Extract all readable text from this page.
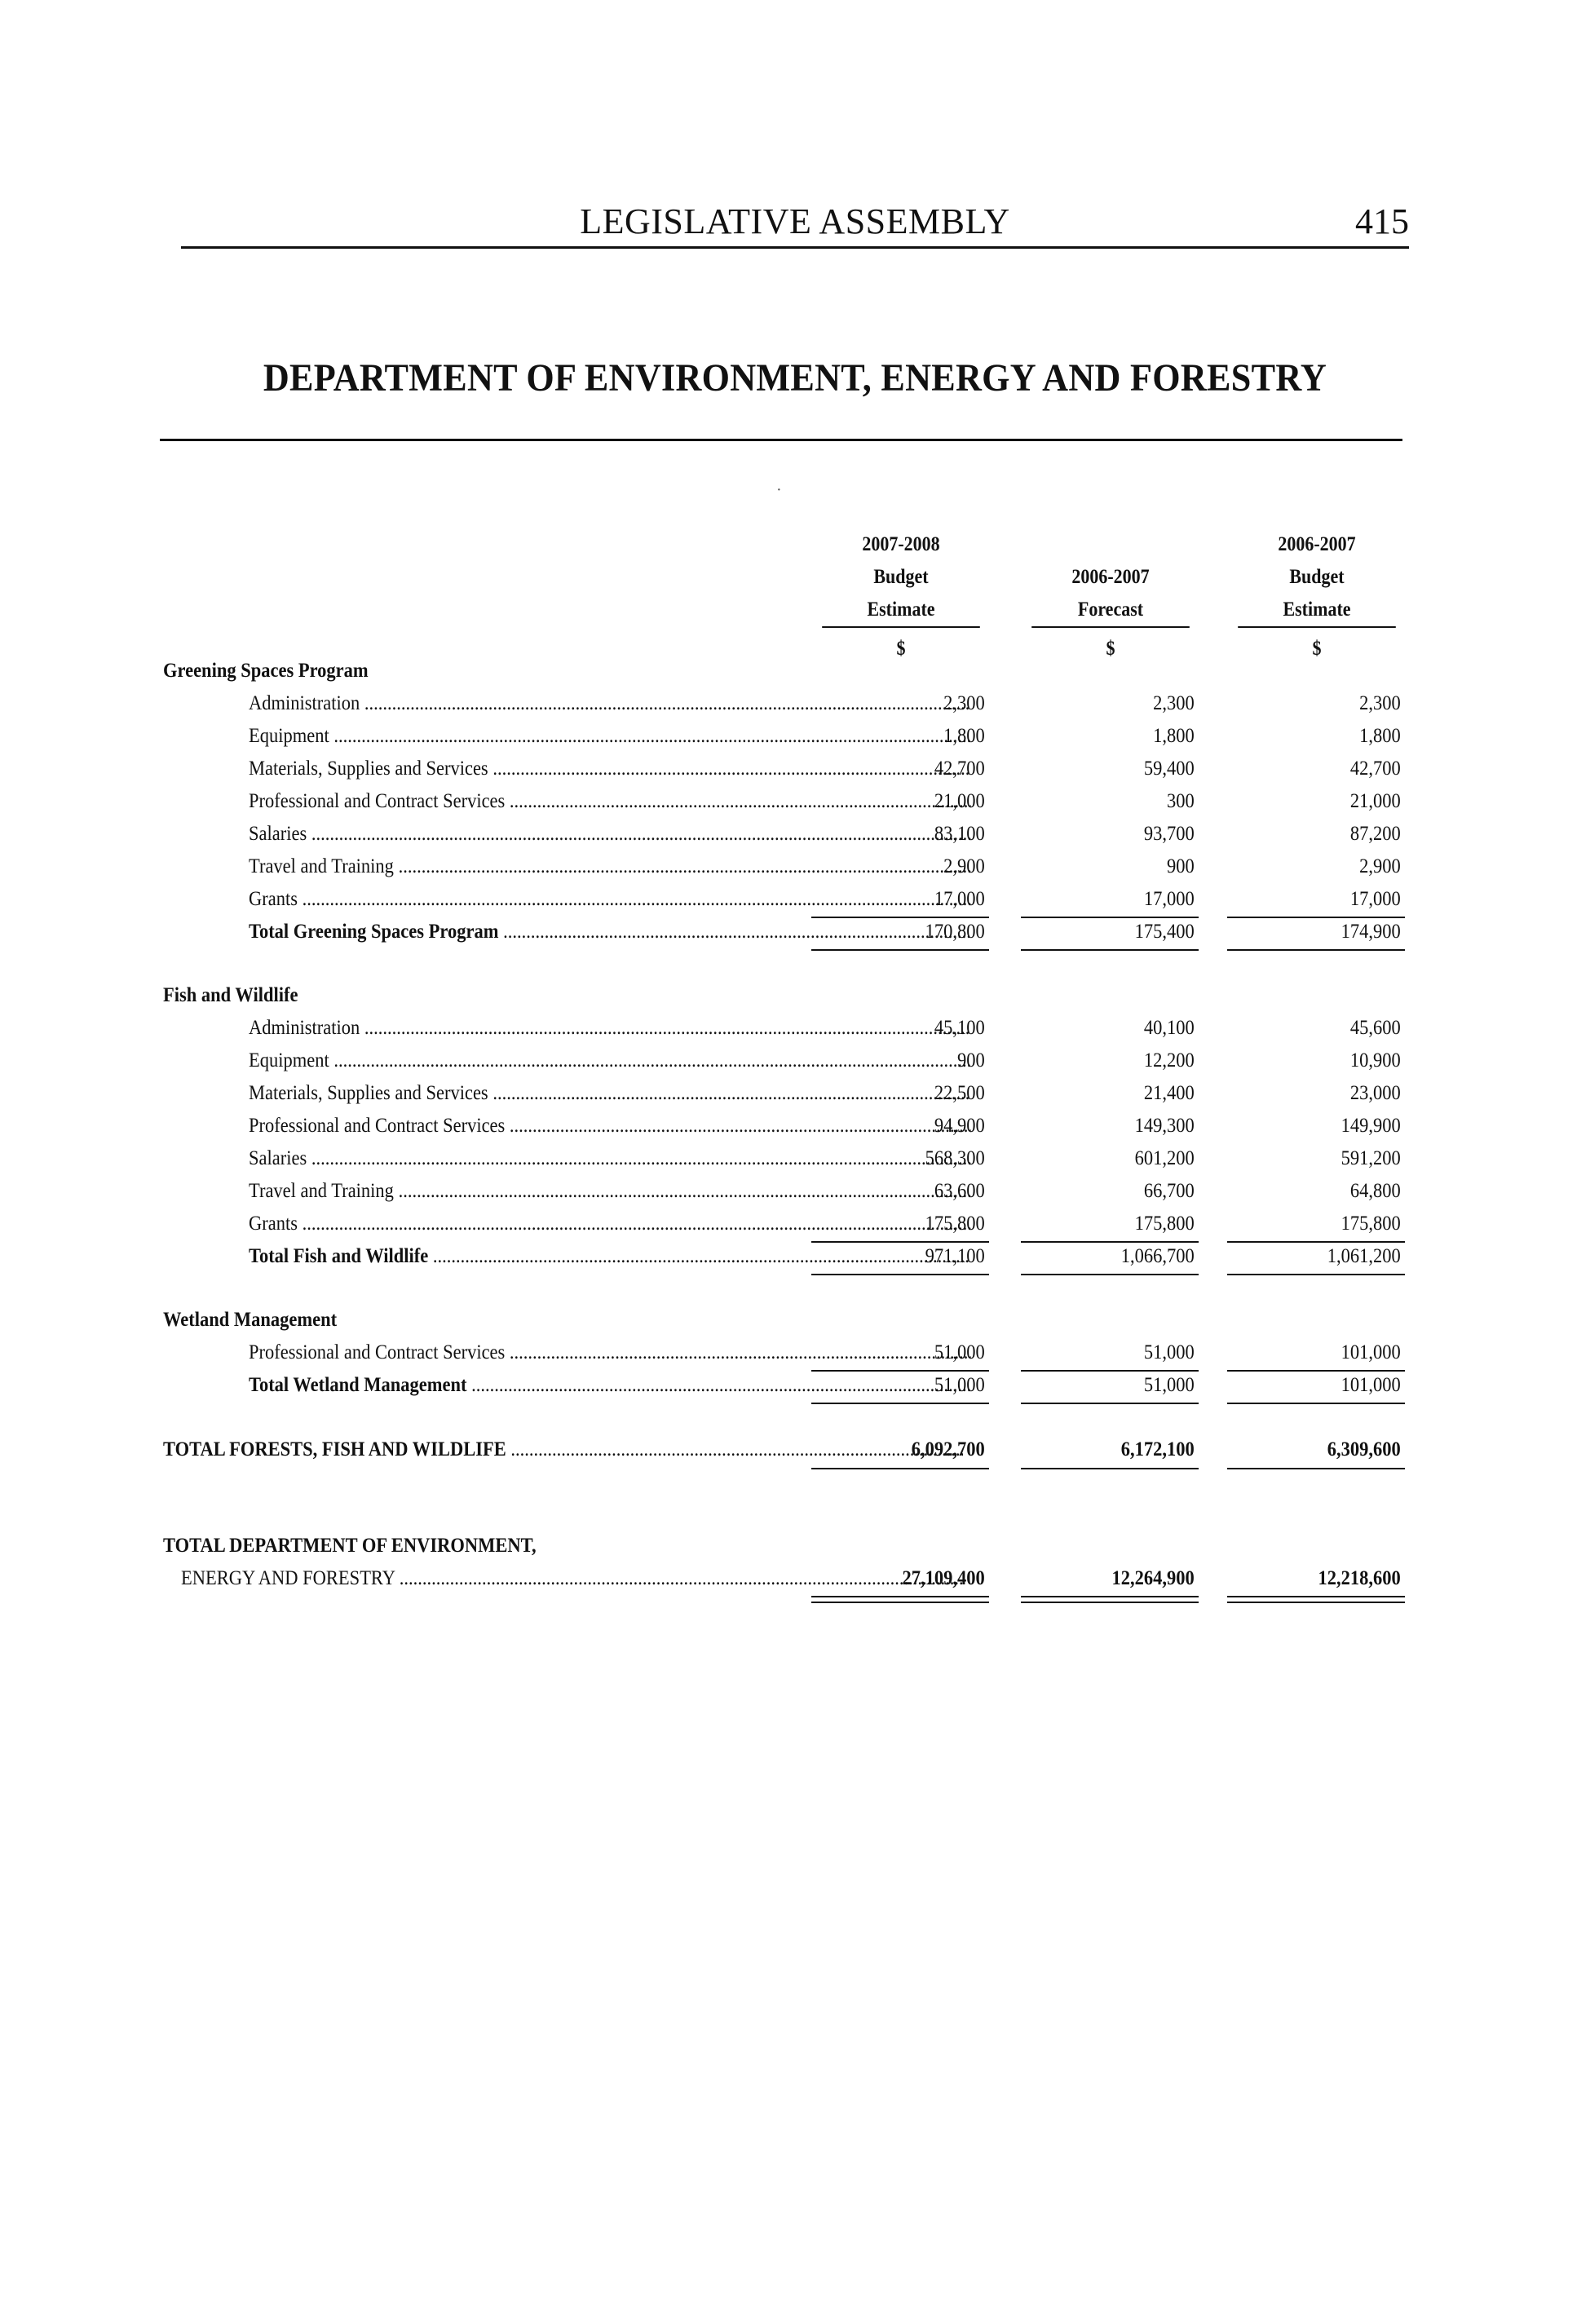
LEGISLATIVE ASSEMBLY	415
DEPARTMENT OF ENVIRONMENT, ENERGY AND FORESTRY
·
2007-2008
Budget
Estimate
$
2006-2007
Forecast
$
2006-2007
Budget
Estimate
$
Greening Spaces Program
Administration .....	2,300	2,300	2,300
Equipment .....	1,800	1,800	1,800
Materials, Supplies and Services .....	42,700	59,400	42,700
Professional and Contract Services .....	21,000	300	21,000
Salaries .....	83,100	93,700	87,200
Travel and Training .....	2,900	900	2,900
Grants .....	17,000	17,000	17,000
Total Greening Spaces Program .....	170,800	175,400	174,900
Fish and Wildlife
Administration .....	45,100	40,100	45,600
Equipment .....	900	12,200	10,900
Materials, Supplies and Services .....	22,500	21,400	23,000
Professional and Contract Services .....	94,900	149,300	149,900
Salaries .....	568,300	601,200	591,200
Travel and Training .....	63,600	66,700	64,800
Grants .....	175,800	175,800	175,800
Total Fish and Wildlife .....	971,100	1,066,700	1,061,200
Wetland Management
Professional and Contract Services .....	51,000	51,000	101,000
Total Wetland Management .....	51,000	51,000	101,000
TOTAL FORESTS, FISH AND WILDLIFE .....	6,092,700	6,172,100	6,309,600
TOTAL DEPARTMENT OF ENVIRONMENT,
ENERGY AND FORESTRY .....	27,109,400	12,264,900	12,218,600
